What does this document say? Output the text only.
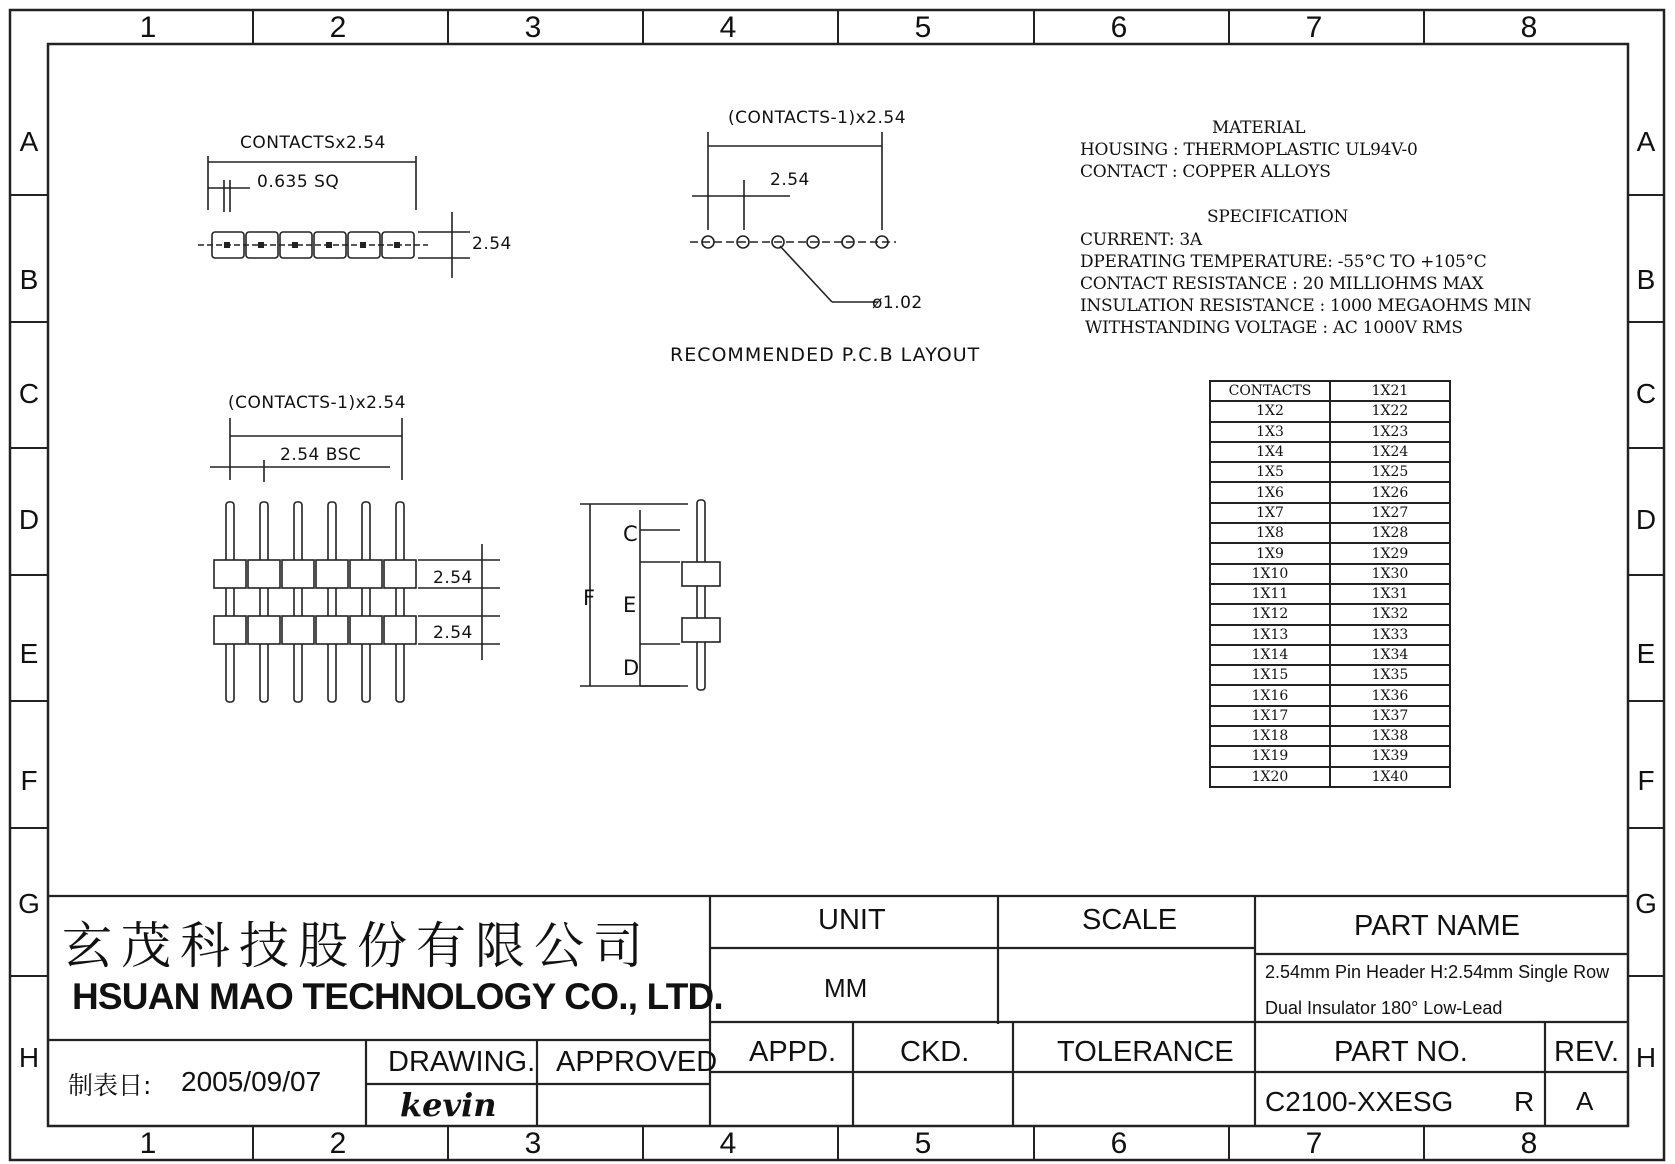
1	2	3	4	5	6	7	8
1	2	3	4	5	6	7	8
A
B
C
D
E
F
G
H
A
B
C
D
E
F
G
H
CONTACTSx2.54
0.635 SQ
2.54
(CONTACTS-1)x2.54
2.54
ø1.02
RECOMMENDED P.C.B LAYOUT
(CONTACTS-1)x2.54
2.54 BSC
2.54
2.54
C
E
D
F
MATERIAL
HOUSING : THERMOPLASTIC UL94V-0
CONTACT : COPPER ALLOYS
SPECIFICATION
CURRENT: 3A
DPERATING TEMPERATURE: -55°C TO +105°C
CONTACT RESISTANCE : 20 MILLIOHMS MAX
INSULATION RESISTANCE : 1000 MEGAOHMS MIN
WITHSTANDING VOLTAGE : AC 1000V RMS
CONTACTS	1X21
1X2	1X22
1X3	1X23
1X4	1X24
1X5	1X25
1X6	1X26
1X7	1X27
1X8	1X28
1X9	1X29
1X10	1X30
1X11	1X31
1X12	1X32
1X13	1X33
1X14	1X34
1X15	1X35
1X16	1X36
1X17	1X37
1X18	1X38
1X19	1X39
1X20	1X40
玄茂科技股份有限公司
HSUAN MAO TECHNOLOGY CO., LTD.
制表日: 2005/09/07
DRAWING.
kevin
APPROVED
UNIT
MM
SCALE	PART NAME
2.54mm Pin Header H:2.54mm Single Row
Dual Insulator 180° Low-Lead
APPD. CKD.	TOLERANCE	PART NO.	REV.
C2100-XXESG R A
